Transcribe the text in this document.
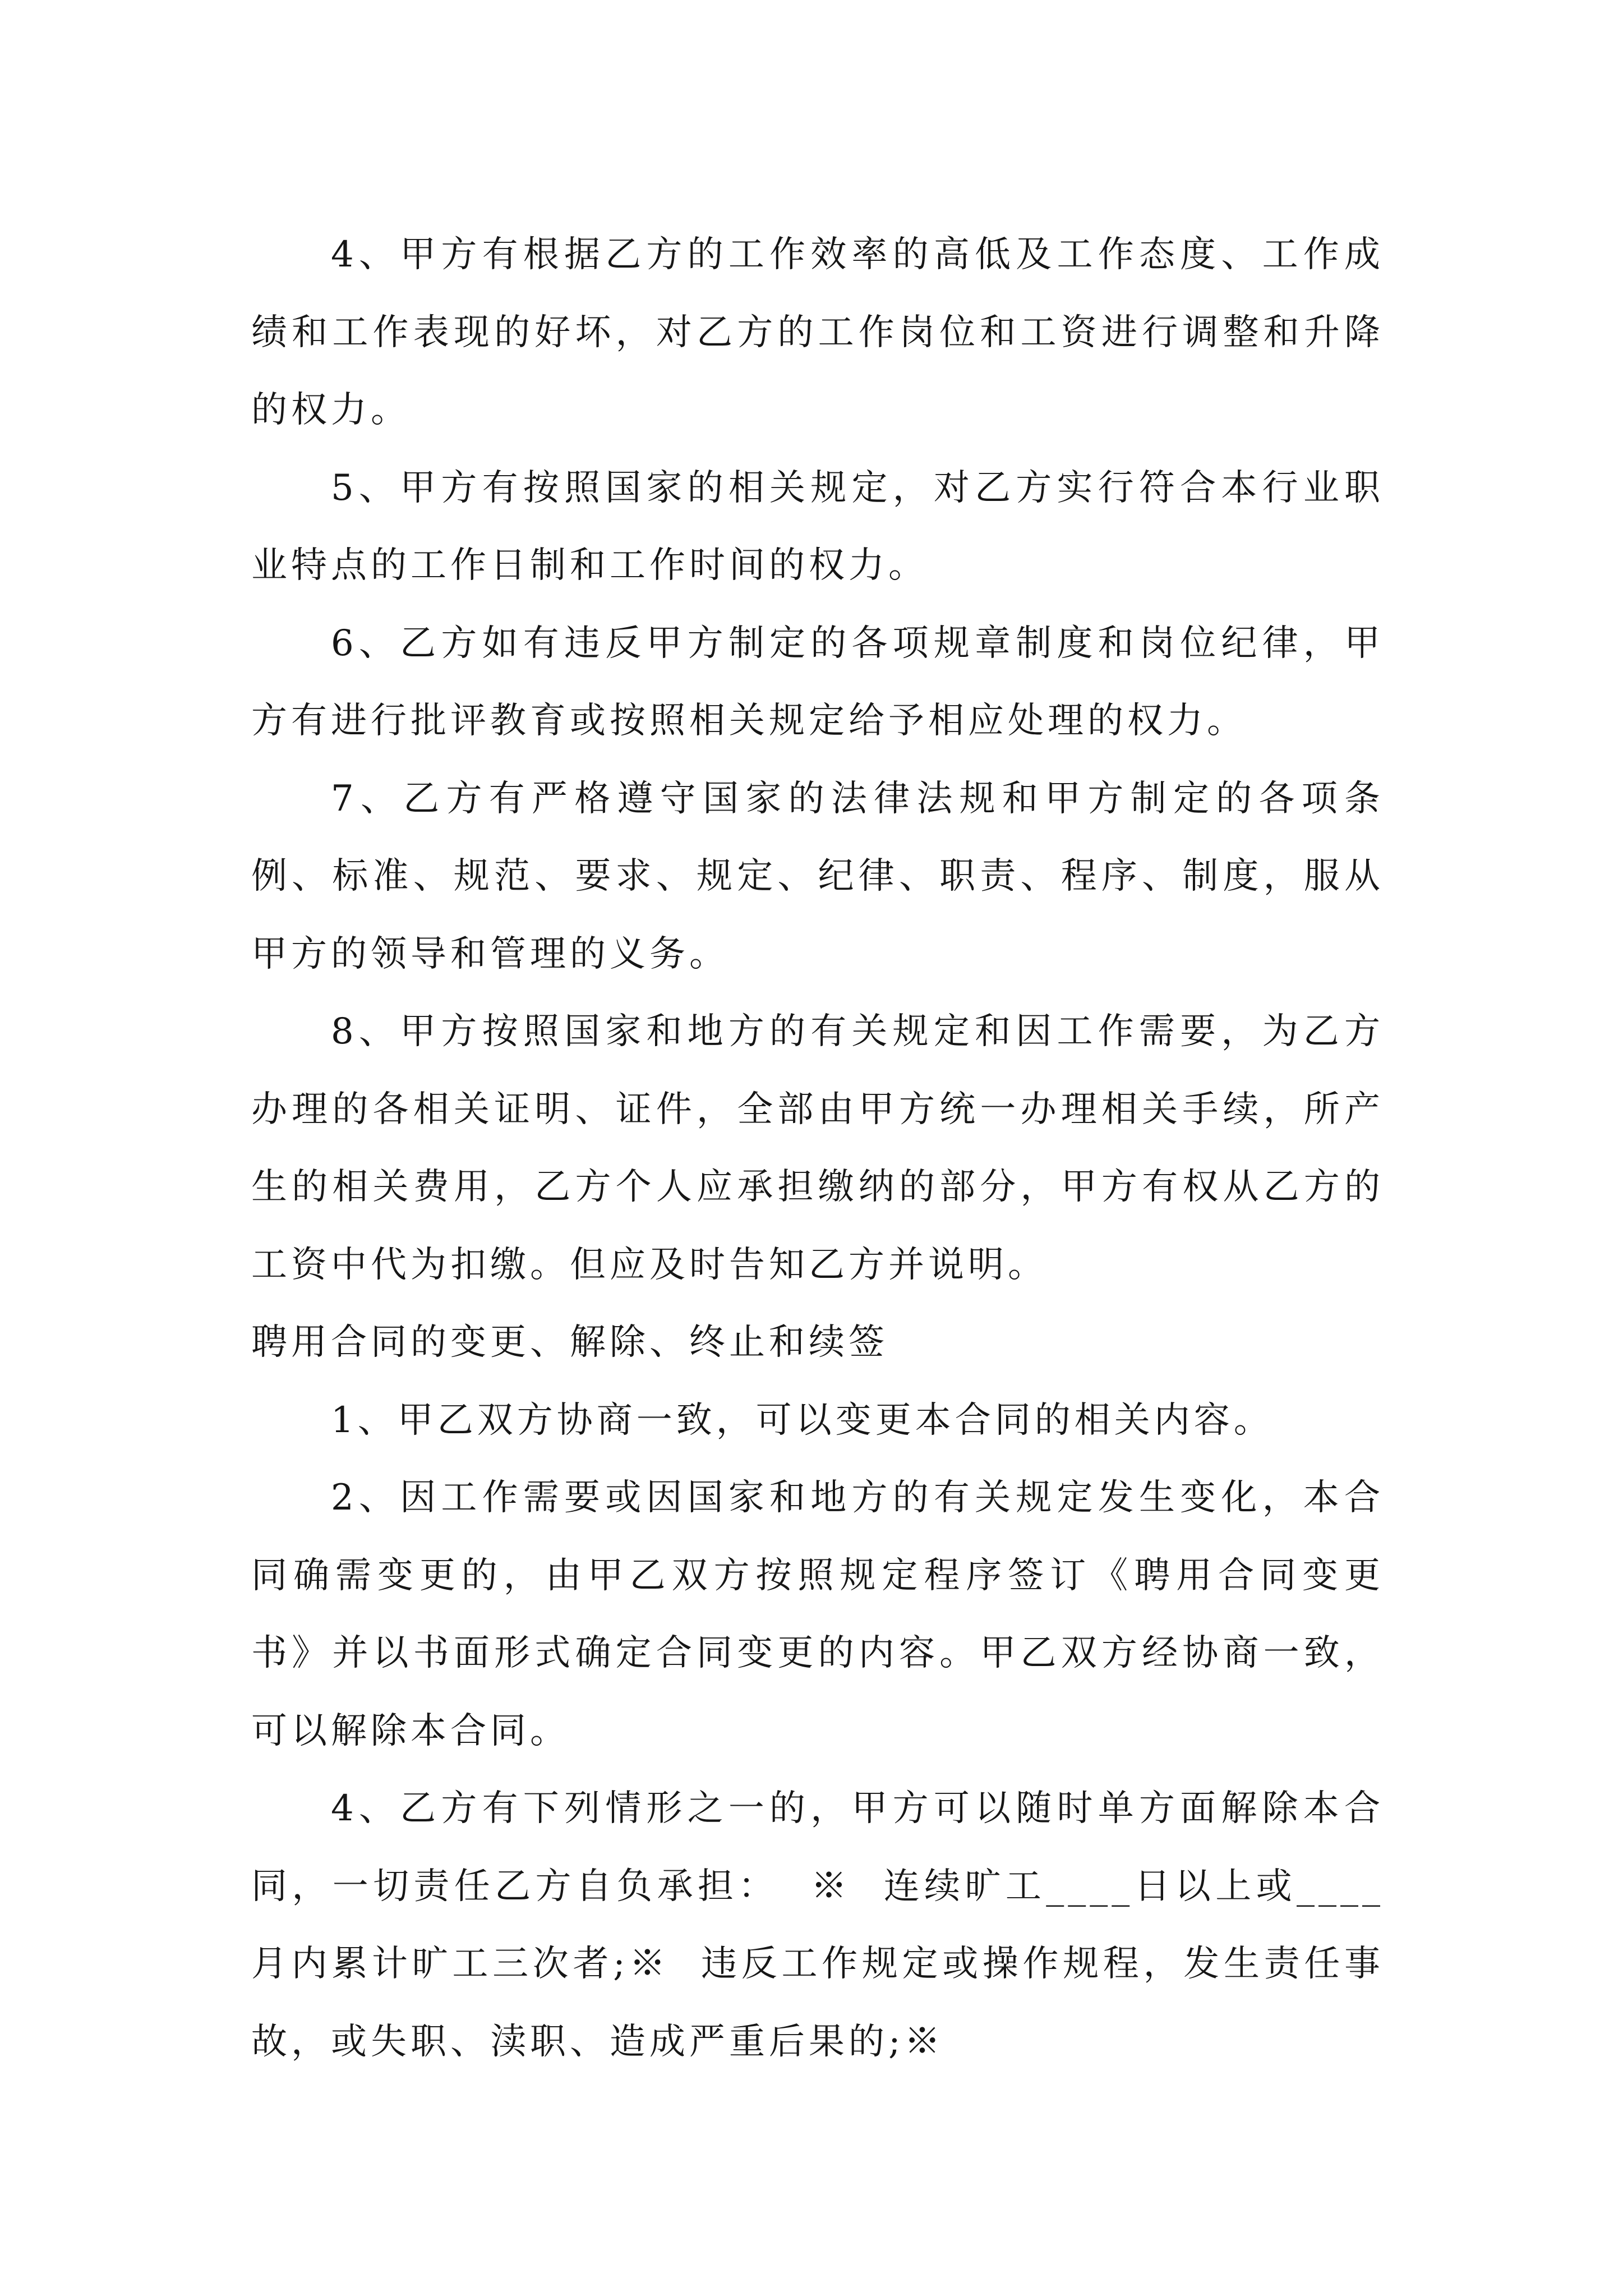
4、甲方有根据乙方的工作效率的高低及工作态度、工作成绩和工作表现的好坏，对乙方的工作岗位和工资进行调整和升降的权力。

5、甲方有按照国家的相关规定，对乙方实行符合本行业职业特点的工作日制和工作时间的权力。

6、乙方如有违反甲方制定的各项规章制度和岗位纪律，甲方有进行批评教育或按照相关规定给予相应处理的权力。

7、乙方有严格遵守国家的法律法规和甲方制定的各项条例、标准、规范、要求、规定、纪律、职责、程序、制度，服从甲方的领导和管理的义务。

8、甲方按照国家和地方的有关规定和因工作需要，为乙方办理的各相关证明、证件，全部由甲方统一办理相关手续，所产生的相关费用，乙方个人应承担缴纳的部分，甲方有权从乙方的工资中代为扣缴。但应及时告知乙方并说明。

聘用合同的变更、解除、终止和续签

1、甲乙双方协商一致，可以变更本合同的相关内容。

2、因工作需要或因国家和地方的有关规定发生变化，本合同确需变更的，由甲乙双方按照规定程序签订《聘用合同变更书》并以书面形式确定合同变更的内容。甲乙双方经协商一致，可以解除本合同。

4、乙方有下列情形之一的，甲方可以随时单方面解除本合同，一切责任乙方自负承担：  ※  连续旷工____日以上或____月内累计旷工三次者;※  违反工作规定或操作规程，发生责任事故，或失职、渎职、造成严重后果的;※
